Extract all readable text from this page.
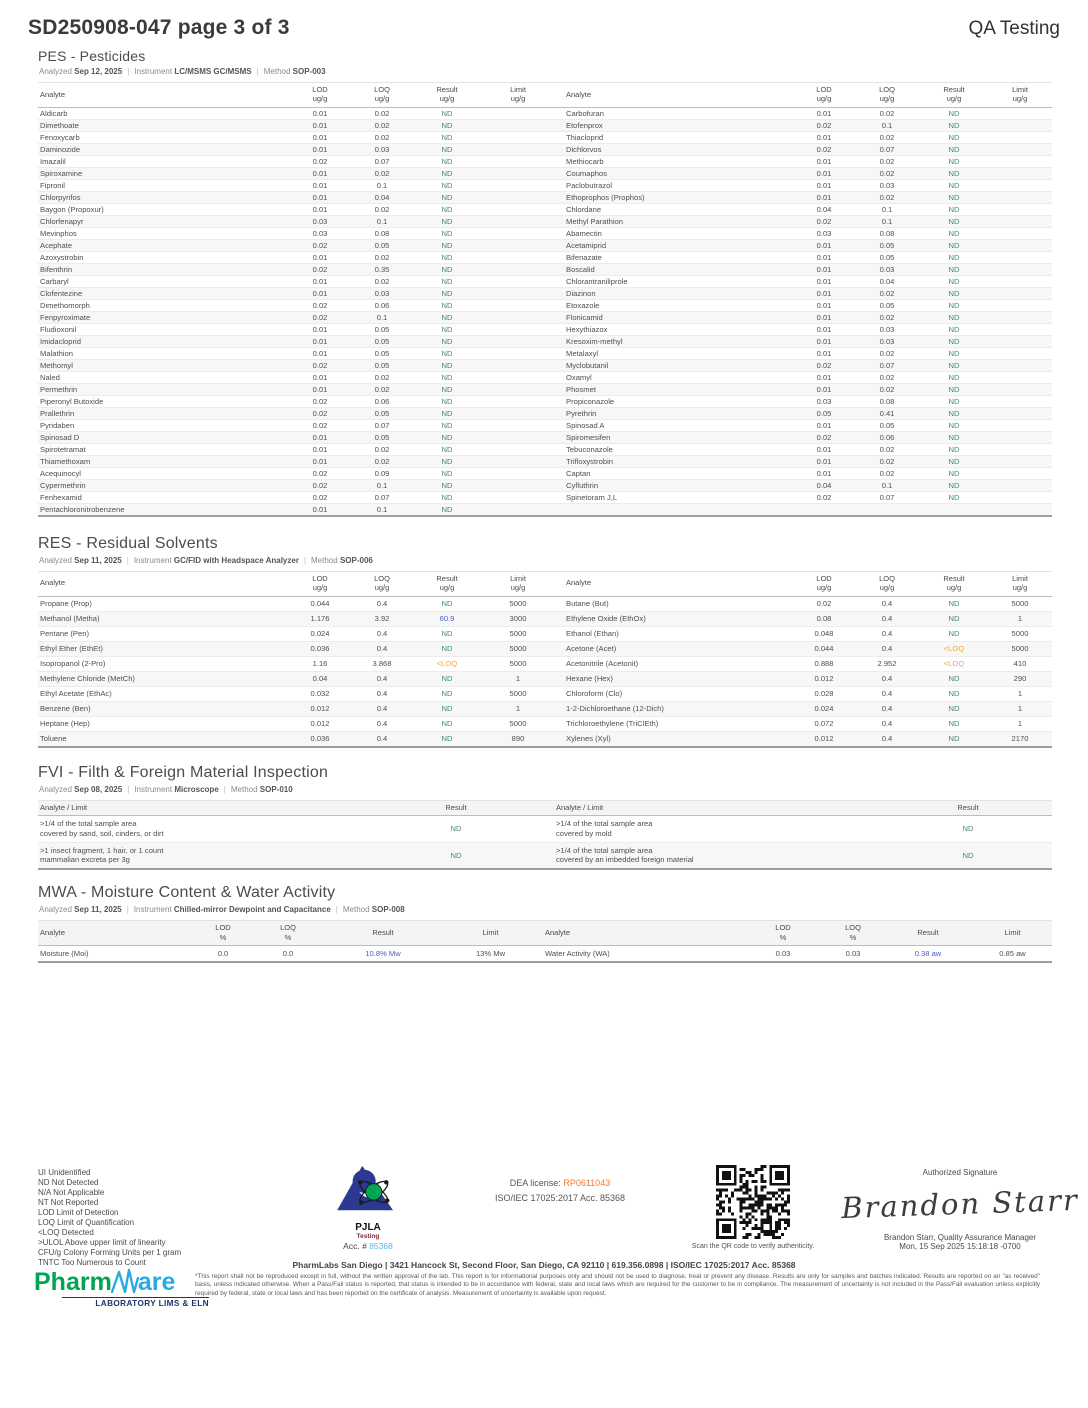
SD250908-047 page 3 of 3	QA Testing
PES - Pesticides
Analyzed Sep 12, 2025 | Instrument LC/MSMS GC/MSMS | Method SOP-003
Analyte

LOD
ug/g

LOQ
ug/g

Result
ug/g

Limit
ug/g

Analyte

LOD
ug/g

LOQ
ug/g

Result
ug/g

Limit
ug/g

Aldicarb	0.01	0.02	ND			Carbofuran	0.01	0.02	ND	
Dimethoate	0.01	0.02	ND			Etofenprox	0.02	0.1	ND	
Fenoxycarb	0.01	0.02	ND			Thiacloprid	0.01	0.02	ND	
Daminozide	0.01	0.03	ND			Dichlorvos	0.02	0.07	ND	
Imazalil	0.02	0.07	ND			Methiocarb	0.01	0.02	ND	
Spiroxamine	0.01	0.02	ND			Coumaphos	0.01	0.02	ND	
Fipronil	0.01	0.1	ND			Paclobutrazol	0.01	0.03	ND	
Chlorpyrifos	0.01	0.04	ND			Ethoprophos (Prophos)	0.01	0.02	ND	
Baygon (Propoxur)	0.01	0.02	ND			Chlordane	0.04	0.1	ND	
Chlorfenapyr	0.03	0.1	ND			Methyl Parathion	0.02	0.1	ND	
Mevinphos	0.03	0.08	ND			Abamectin	0.03	0.08	ND	
Acephate	0.02	0.05	ND			Acetamiprid	0.01	0.05	ND	
Azoxystrobin	0.01	0.02	ND			Bifenazate	0.01	0.05	ND	
Bifenthrin	0.02	0.35	ND			Boscalid	0.01	0.03	ND	
Carbaryl	0.01	0.02	ND			Chlorantraniliprole	0.01	0.04	ND	
Clofentezine	0.01	0.03	ND			Diazinon	0.01	0.02	ND	
Dimethomorph	0.02	0.06	ND			Etoxazole	0.01	0.05	ND	
Fenpyroximate	0.02	0.1	ND			Flonicamid	0.01	0.02	ND	
Fludioxonil	0.01	0.05	ND			Hexythiazox	0.01	0.03	ND	
Imidacloprid	0.01	0.05	ND			Kresoxim-methyl	0.01	0.03	ND	
Malathion	0.01	0.05	ND			Metalaxyl	0.01	0.02	ND	
Methomyl	0.02	0.05	ND			Myclobutanil	0.02	0.07	ND	
Naled	0.01	0.02	ND			Oxamyl	0.01	0.02	ND	
Permethrin	0.01	0.02	ND			Phosmet	0.01	0.02	ND	
Piperonyl Butoxide	0.02	0.06	ND			Propiconazole	0.03	0.08	ND	
Prallethrin	0.02	0.05	ND			Pyrethrin	0.05	0.41	ND	
Pyridaben	0.02	0.07	ND			Spinosad A	0.01	0.05	ND	
Spinosad D	0.01	0.05	ND			Spiromesifen	0.02	0.06	ND	
Spirotetramat	0.01	0.02	ND			Tebuconazole	0.01	0.02	ND	
Thiamethoxam	0.01	0.02	ND			Trifloxystrobin	0.01	0.02	ND	
Acequinocyl	0.02	0.09	ND			Captan	0.01	0.02	ND	
Cypermethrin	0.02	0.1	ND			Cyfluthrin	0.04	0.1	ND	
Fenhexamid	0.02	0.07	ND			Spinetoram J,L	0.02	0.07	ND	
Pentachloronitrobenzene	0.01	0.1	ND							
RES - Residual Solvents
Analyzed Sep 11, 2025 | Instrument GC/FID with Headspace Analyzer | Method SOP-006
Analyte

LOD
ug/g

LOQ
ug/g

Result
ug/g

Limit
ug/g

Analyte

LOD
ug/g

LOQ
ug/g

Result
ug/g

Limit
ug/g

Propane (Prop)	0.044	0.4	ND	5000		Butane (But)	0.02	0.4	ND	5000
Methanol (Metha)	1.176	3.92	60.9	3000		Ethylene Oxide (EthOx)	0.08	0.4	ND	1
Pentane (Pen)	0.024	0.4	ND	5000		Ethanol (Ethan)	0.048	0.4	ND	5000
Ethyl Ether (EthEt)	0.036	0.4	ND	5000		Acetone (Acet)	0.044	0.4	<LOQ	5000
Isopropanol (2-Pro)	1.16	3.868	<LOQ	5000		Acetonitrile (Acetonit)	0.888	2.952	<LOQ	410
Methylene Chloride (MetCh)	0.04	0.4	ND	1		Hexane (Hex)	0.012	0.4	ND	290
Ethyl Acetate (EthAc)	0.032	0.4	ND	5000		Chloroform (Clo)	0.028	0.4	ND	1
Benzene (Ben)	0.012	0.4	ND	1		1-2-Dichloroethane (12-Dich)	0.024	0.4	ND	1
Heptane (Hep)	0.012	0.4	ND	5000		Trichloroethylene (TriClEth)	0.072	0.4	ND	1
Toluene	0.036	0.4	ND	890		Xylenes (Xyl)	0.012	0.4	ND	2170
FVI - Filth & Foreign Material Inspection
Analyzed Sep 08, 2025 | Instrument Microscope | Method SOP-010
Analyte / Limit	Result		Analyte / Limit	Result

>1/4 of the total sample area
covered by sand, soil, cinders, or dirt
	ND		
>1/4 of the total sample area
covered by mold
	ND

>1 insect fragment, 1 hair, or 1 count
mammalian excreta per 3g
	ND		
>1/4 of the total sample area
covered by an imbedded foreign material
	ND
MWA - Moisture Content & Water Activity
Analyzed Sep 11, 2025 | Instrument Chilled-mirror Dewpoint and Capacitance | Method SOP-008
Analyte

LOD
%

LOQ
%

Result	Limit		Analyte

LOD
%

LOQ
%

Result	Limit

Moisture (Moi)	0.0	0.0	10.8% Mw	13% Mw		Water Activity (WA)	0.03	0.03	0.38 aw	0.85 aw
UI Unidentified
ND Not Detected
N/A Not Applicable
NT Not Reported
LOD Limit of Detection
LOQ Limit of Quantification
<LOQ Detected
>ULOL Above upper limit of linearity
CFU/g Colony Forming Units per 1 gram
TNTC Too Numerous to Count
PJLA
Testing
Acc. # 85368
DEA license: RP0611043
ISO/IEC 17025:2017 Acc. 85368
Scan the QR code to verify authenticity.
Authorized Signature
Brandon Starr
Brandon Starr, Quality Assurance Manager
Mon, 15 Sep 2025 15:18:18 -0700
PharmLabs San Diego | 3421 Hancock St, Second Floor, San Diego, CA 92110 | 619.356.0898 | ISO/IEC 17025:2017 Acc. 85368
*This report shall not be reproduced except in full, without the written approval of the lab. This report is for informational purposes only and should not be used to diagnose, treat or prevent any disease. Results are only for samples and batches indicated. Results are reported on an "as received" basis, unless indicated otherwise. When a Pass/Fail status is reported, that status is intended to be in accordance with federal, state and local laws which are required for the customer to be in compliance. The measurement of uncertainty is not included in the Pass/Fail evaluation unless explicitly required by federal, state or local laws and has been reported on the certificate of analysis. Measurement of uncertainty is available upon request.
Pharm are
LABORATORY LIMS & ELN
